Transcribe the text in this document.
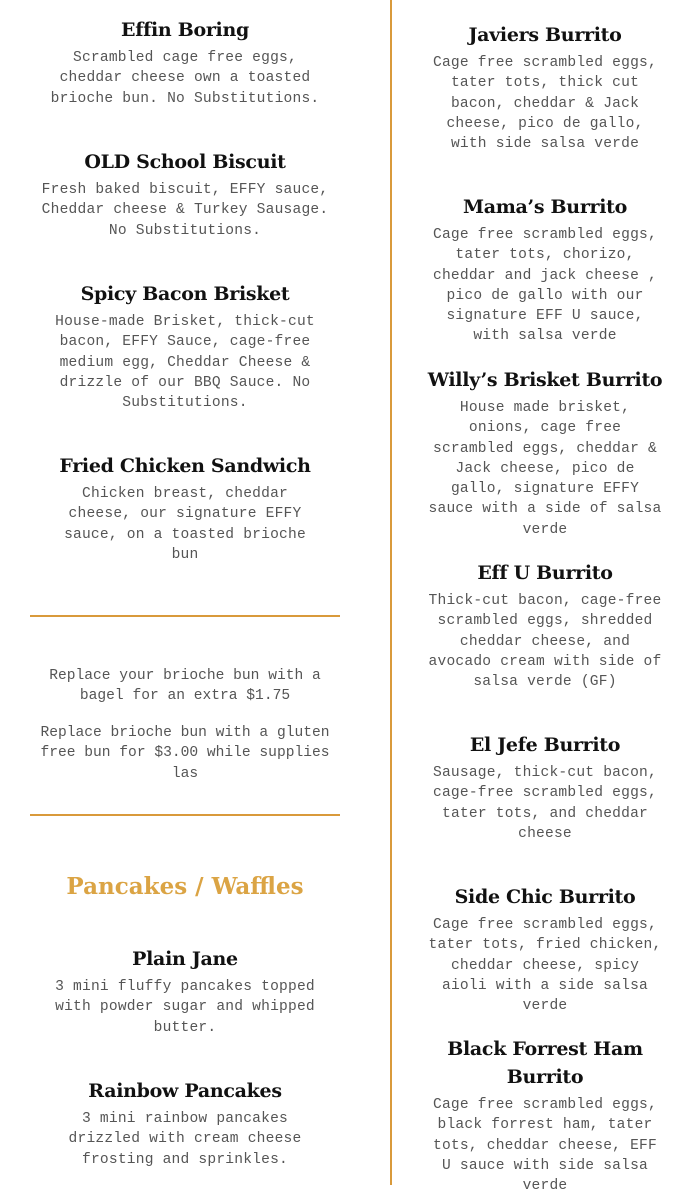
Effin Boring
Scrambled cage free eggs, cheddar cheese own a toasted brioche bun. No Substitutions.
OLD School Biscuit
Fresh baked biscuit, EFFY sauce, Cheddar cheese & Turkey Sausage. No Substitutions.
Spicy Bacon Brisket
House-made Brisket, thick-cut bacon, EFFY Sauce, cage-free medium egg, Cheddar Cheese & drizzle of our BBQ Sauce. No Substitutions.
Fried Chicken Sandwich
Chicken breast, cheddar cheese, our signature EFFY sauce, on a toasted brioche bun
Replace your brioche bun with a bagel for an extra $1.75
Replace brioche bun with a gluten free bun for $3.00 while supplies las
Pancakes / Waffles
Plain Jane
3 mini fluffy pancakes topped with powder sugar and whipped butter.
Rainbow Pancakes
3 mini rainbow pancakes drizzled with cream cheese frosting and sprinkles.
Javiers Burrito
Cage free scrambled eggs, tater tots, thick cut bacon, cheddar & Jack cheese, pico de gallo, with side salsa verde
Mama’s Burrito
Cage free scrambled eggs, tater tots, chorizo, cheddar and jack cheese , pico de gallo with our signature EFF U sauce, with salsa verde
Willy’s Brisket Burrito
House made brisket, onions, cage free scrambled eggs, cheddar & Jack cheese, pico de gallo, signature EFFY sauce with a side of salsa verde
Eff U Burrito
Thick-cut bacon, cage-free scrambled eggs, shredded cheddar cheese, and avocado cream with side of salsa verde (GF)
El Jefe Burrito
Sausage, thick-cut bacon, cage-free scrambled eggs, tater tots, and cheddar cheese
Side Chic Burrito
Cage free scrambled eggs, tater tots, fried chicken, cheddar cheese, spicy aioli with a side salsa verde
Black Forrest Ham Burrito
Cage free scrambled eggs, black forrest ham, tater tots, cheddar cheese, EFF U sauce with side salsa verde
